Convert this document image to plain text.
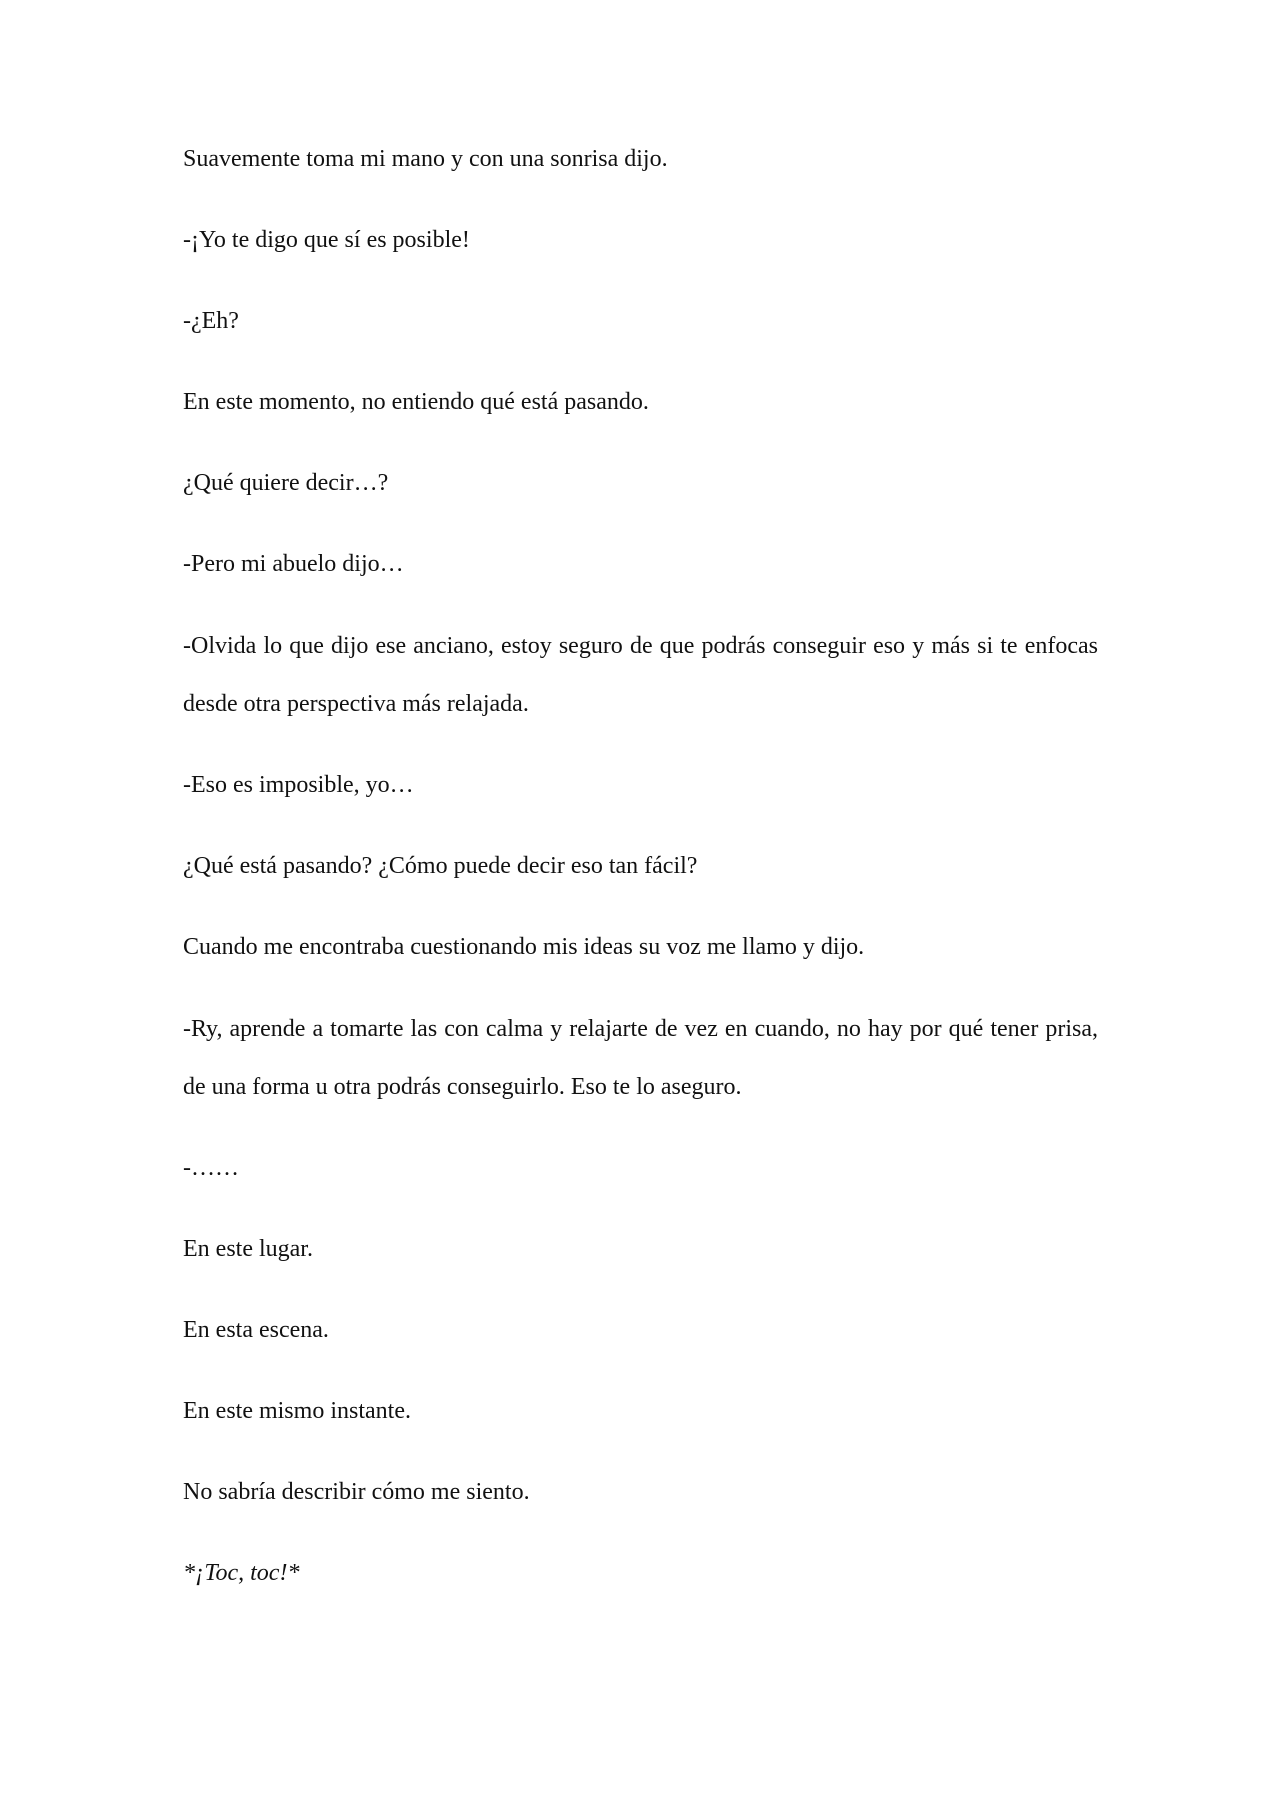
Suavemente toma mi mano y con una sonrisa dijo.

-¡Yo te digo que sí es posible!

-¿Eh?

En este momento, no entiendo qué está pasando.

¿Qué quiere decir…?

-Pero mi abuelo dijo…

-Olvida lo que dijo ese anciano, estoy seguro de que podrás conseguir eso y más si te enfocas desde otra perspectiva más relajada.

-Eso es imposible, yo…

¿Qué está pasando? ¿Cómo puede decir eso tan fácil?

Cuando me encontraba cuestionando mis ideas su voz me llamo y dijo.

-Ry, aprende a tomarte las con calma y relajarte de vez en cuando, no hay por qué tener prisa, de una forma u otra podrás conseguirlo. Eso te lo aseguro.

-……

En este lugar.

En esta escena.

En este mismo instante.

No sabría describir cómo me siento.

*¡Toc, toc!*
